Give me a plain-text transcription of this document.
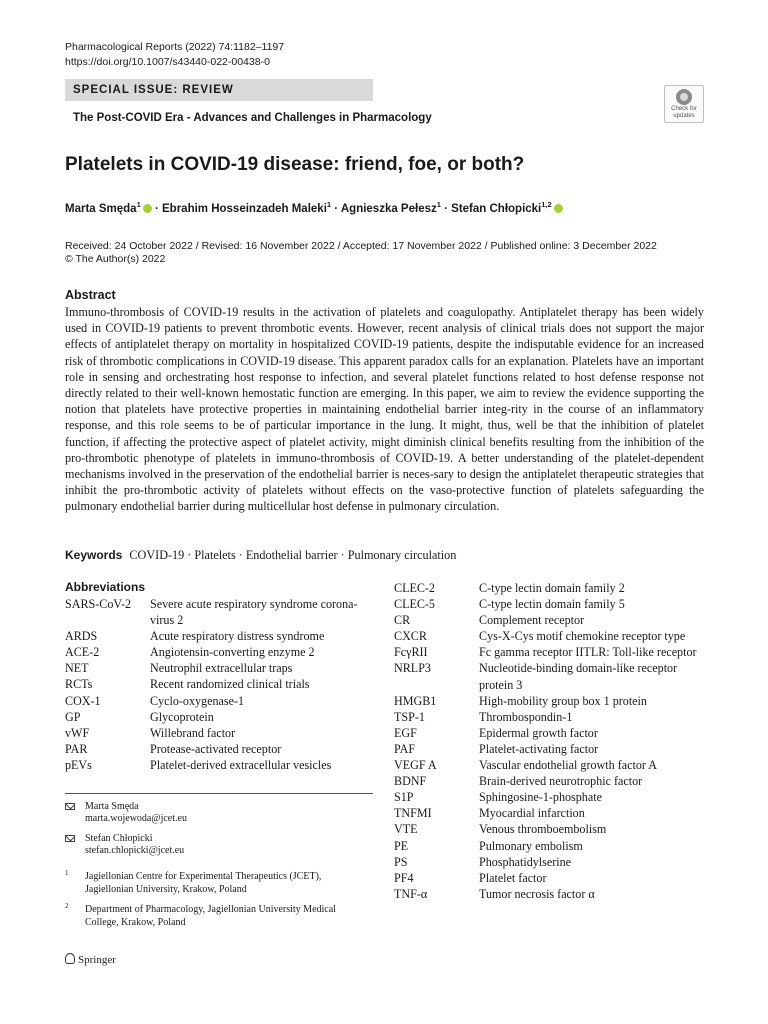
Pharmacological Reports (2022) 74:1182–1197
https://doi.org/10.1007/s43440-022-00438-0
SPECIAL ISSUE: REVIEW
The Post-COVID Era - Advances and Challenges in Pharmacology
Check for updates
Platelets in COVID-19 disease: friend, foe, or both?
Marta Smęda$^1$ · Ebrahim Hosseinzadeh Maleki$^1$ · Agnieszka Pełesz$^1$ · Stefan Chłopicki$^{1,2}$
Received: 24 October 2022 / Revised: 16 November 2022 / Accepted: 17 November 2022 / Published online: 3 December 2022
© The Author(s) 2022
Abstract

Immuno-thrombosis of COVID-19 results in the activation of platelets and coagulopathy. Antiplatelet therapy has been widely used in COVID-19 patients to prevent thrombotic events. However, recent analysis of clinical trials does not support the major effects of antiplatelet therapy on mortality in hospitalized COVID-19 patients, despite the indisputable evidence for an increased risk of thrombotic complications in COVID-19 disease. This apparent paradox calls for an explanation. Platelets have an important role in sensing and orchestrating host response to infection, and several platelet functions related to host defense response not directly related to their well-known hemostatic function are emerging. In this paper, we aim to review the evidence supporting the notion that platelets have protective properties in maintaining endothelial barrier integ-rity in the course of an inflammatory response, and this role seems to be of particular importance in the lung. It might, thus, well be that the inhibition of platelet function, if affecting the protective aspect of platelet activity, might diminish clinical benefits resulting from the inhibition of the pro-thrombotic phenotype of platelets in immuno-thrombosis of COVID-19. A better understanding of the platelet-dependent mechanisms involved in the preservation of the endothelial barrier is neces-sary to design the antiplatelet therapeutic strategies that inhibit the pro-thrombotic activity of platelets without effects on the vaso-protective function of platelets safeguarding the pulmonary endothelial barrier during multicellular host defense in pulmonary circulation.

Keywords COVID-19 · Platelets · Endothelial barrier · Pulmonary circulation
Abbreviations
SARS-CoV-2	Severe acute respiratory syndrome corona-virus 2
ARDS	Acute respiratory distress syndrome
ACE-2	Angiotensin-converting enzyme 2
NET	Neutrophil extracellular traps
RCTs	Recent randomized clinical trials
COX-1	Cyclo-oxygenase-1
GP	Glycoprotein
vWF	Willebrand factor
PAR	Protease-activated receptor
pEVs	Platelet-derived extracellular vesicles
CLEC-2	C-type lectin domain family 2
CLEC-5	C-type lectin domain family 5
CR	Complement receptor
CXCR	Cys-X-Cys motif chemokine receptor type
FcγRII	Fc gamma receptor IITLR: Toll-like receptor
NRLP3	Nucleotide-binding domain-like receptor protein 3
HMGB1	High-mobility group box 1 protein
TSP-1	Thrombospondin-1
EGF	Epidermal growth factor
PAF	Platelet-activating factor
VEGF A	Vascular endothelial growth factor A
BDNF	Brain-derived neurotrophic factor
S1P	Sphingosine-1-phosphate
TNFMI	Myocardial infarction
VTE	Venous thromboembolism
PE	Pulmonary embolism
PS	Phosphatidylserine
PF4	Platelet factor
TNF-α	Tumor necrosis factor α
Marta Smęda
marta.wojewoda@jcet.eu
Stefan Chłopicki
stefan.chlopicki@jcet.eu
1 Jagiellonian Centre for Experimental Therapeutics (JCET), Jagiellonian University, Krakow, Poland
2 Department of Pharmacology, Jagiellonian University Medical College, Krakow, Poland
Springer
